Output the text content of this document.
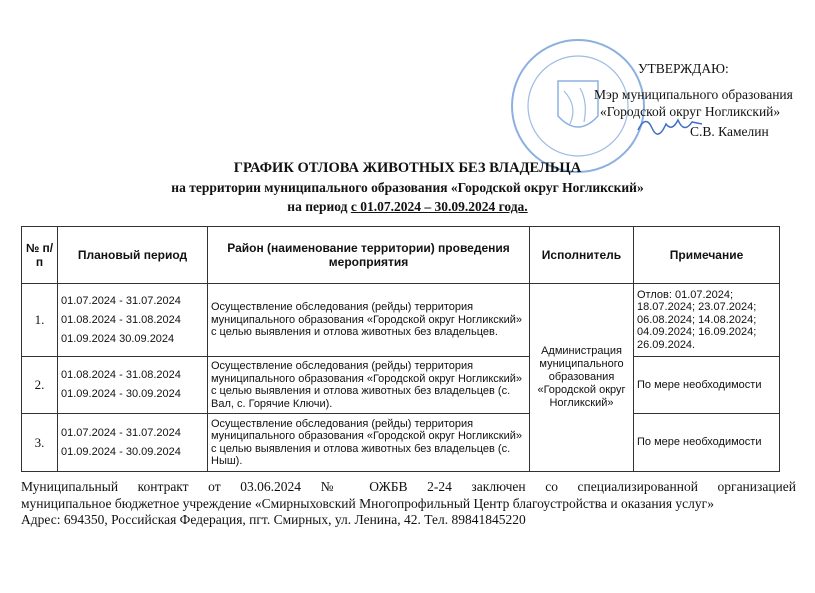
УТВЕРЖДАЮ:
Мэр муниципального образования
«Городской округ Ногликский»
С.В. Камелин
ГРАФИК ОТЛОВА ЖИВОТНЫХ БЕЗ ВЛАДЕЛЬЦА
на территории муниципального образования «Городской округ Ногликский»
на период с 01.07.2024 – 30.09.2024 года.
№ п/п	Плановый период	Район (наименование территории) проведения мероприятия	Исполнитель	Примечание
1.	01.07.2024 - 31.07.2024
01.08.2024 - 31.08.2024
01.09.2024 30.09.2024	Осуществление обследования (рейды) территория муниципального образования «Городской округ Ногликский» с целью выявления и отлова животных без владельцев.	Администрация муниципального образования «Городской округ Ногликский»	Отлов: 01.07.2024; 18.07.2024; 23.07.2024; 06.08.2024; 14.08.2024; 04.09.2024; 16.09.2024; 26.09.2024.
2.	01.08.2024 - 31.08.2024
01.09.2024 - 30.09.2024	Осуществление обследования (рейды) территория муниципального образования «Городской округ Ногликский» с целью выявления и отлова животных без владельцев (с. Вал, с. Горячие Ключи).		По мере необходимости
3.	01.07.2024 - 31.07.2024
01.09.2024 - 30.09.2024	Осуществление обследования (рейды) территория муниципального образования «Городской округ Ногликский» с целью выявления и отлова животных без владельцев (с. Ныш).		По мере необходимости
Муниципальный контракт от 03.06.2024 № ОЖБВ 2-24 заключен со специализированной организацией
муниципальное бюджетное учреждение «Смирныховский Многопрофильный Центр благоустройства и оказания услуг»
Адрес: 694350, Российская Федерация, пгт. Смирных, ул. Ленина, 42. Тел. 89841845220
